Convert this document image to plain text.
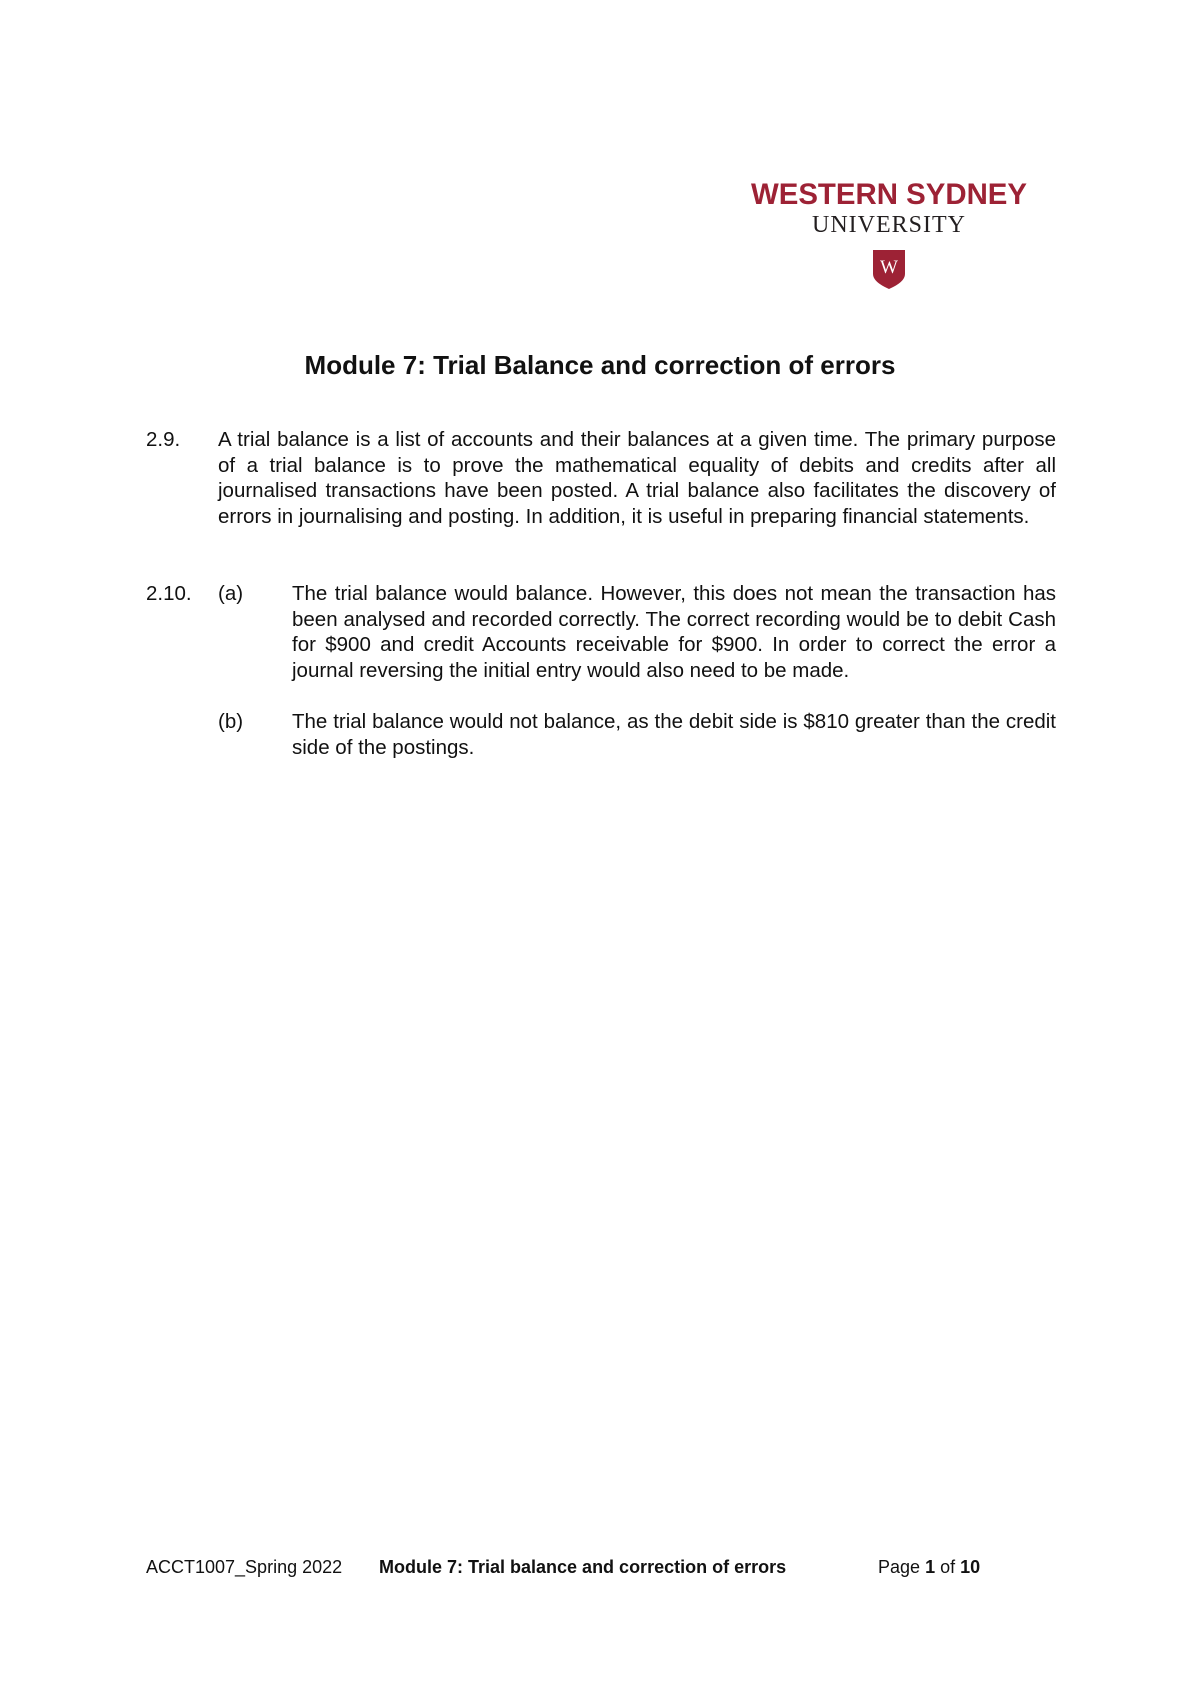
WESTERN SYDNEY
UNIVERSITY
W
Module 7: Trial Balance and correction of errors
2.9. A trial balance is a list of accounts and their balances at a given time. The primary purpose of a trial balance is to prove the mathematical equality of debits and credits after all journalised transactions have been posted. A trial balance also facilitates the discovery of errors in journalising and posting. In addition, it is useful in preparing financial statements.
2.10. (a) The trial balance would balance. However, this does not mean the transaction has been analysed and recorded correctly. The correct recording would be to debit Cash for $900 and credit Accounts receivable for $900. In order to correct the error a journal reversing the initial entry would also need to be made.
(b) The trial balance would not balance, as the debit side is $810 greater than the credit side of the postings.
ACCT1007_Spring 2022 Module 7: Trial balance and correction of errors	Page 1 of 10
